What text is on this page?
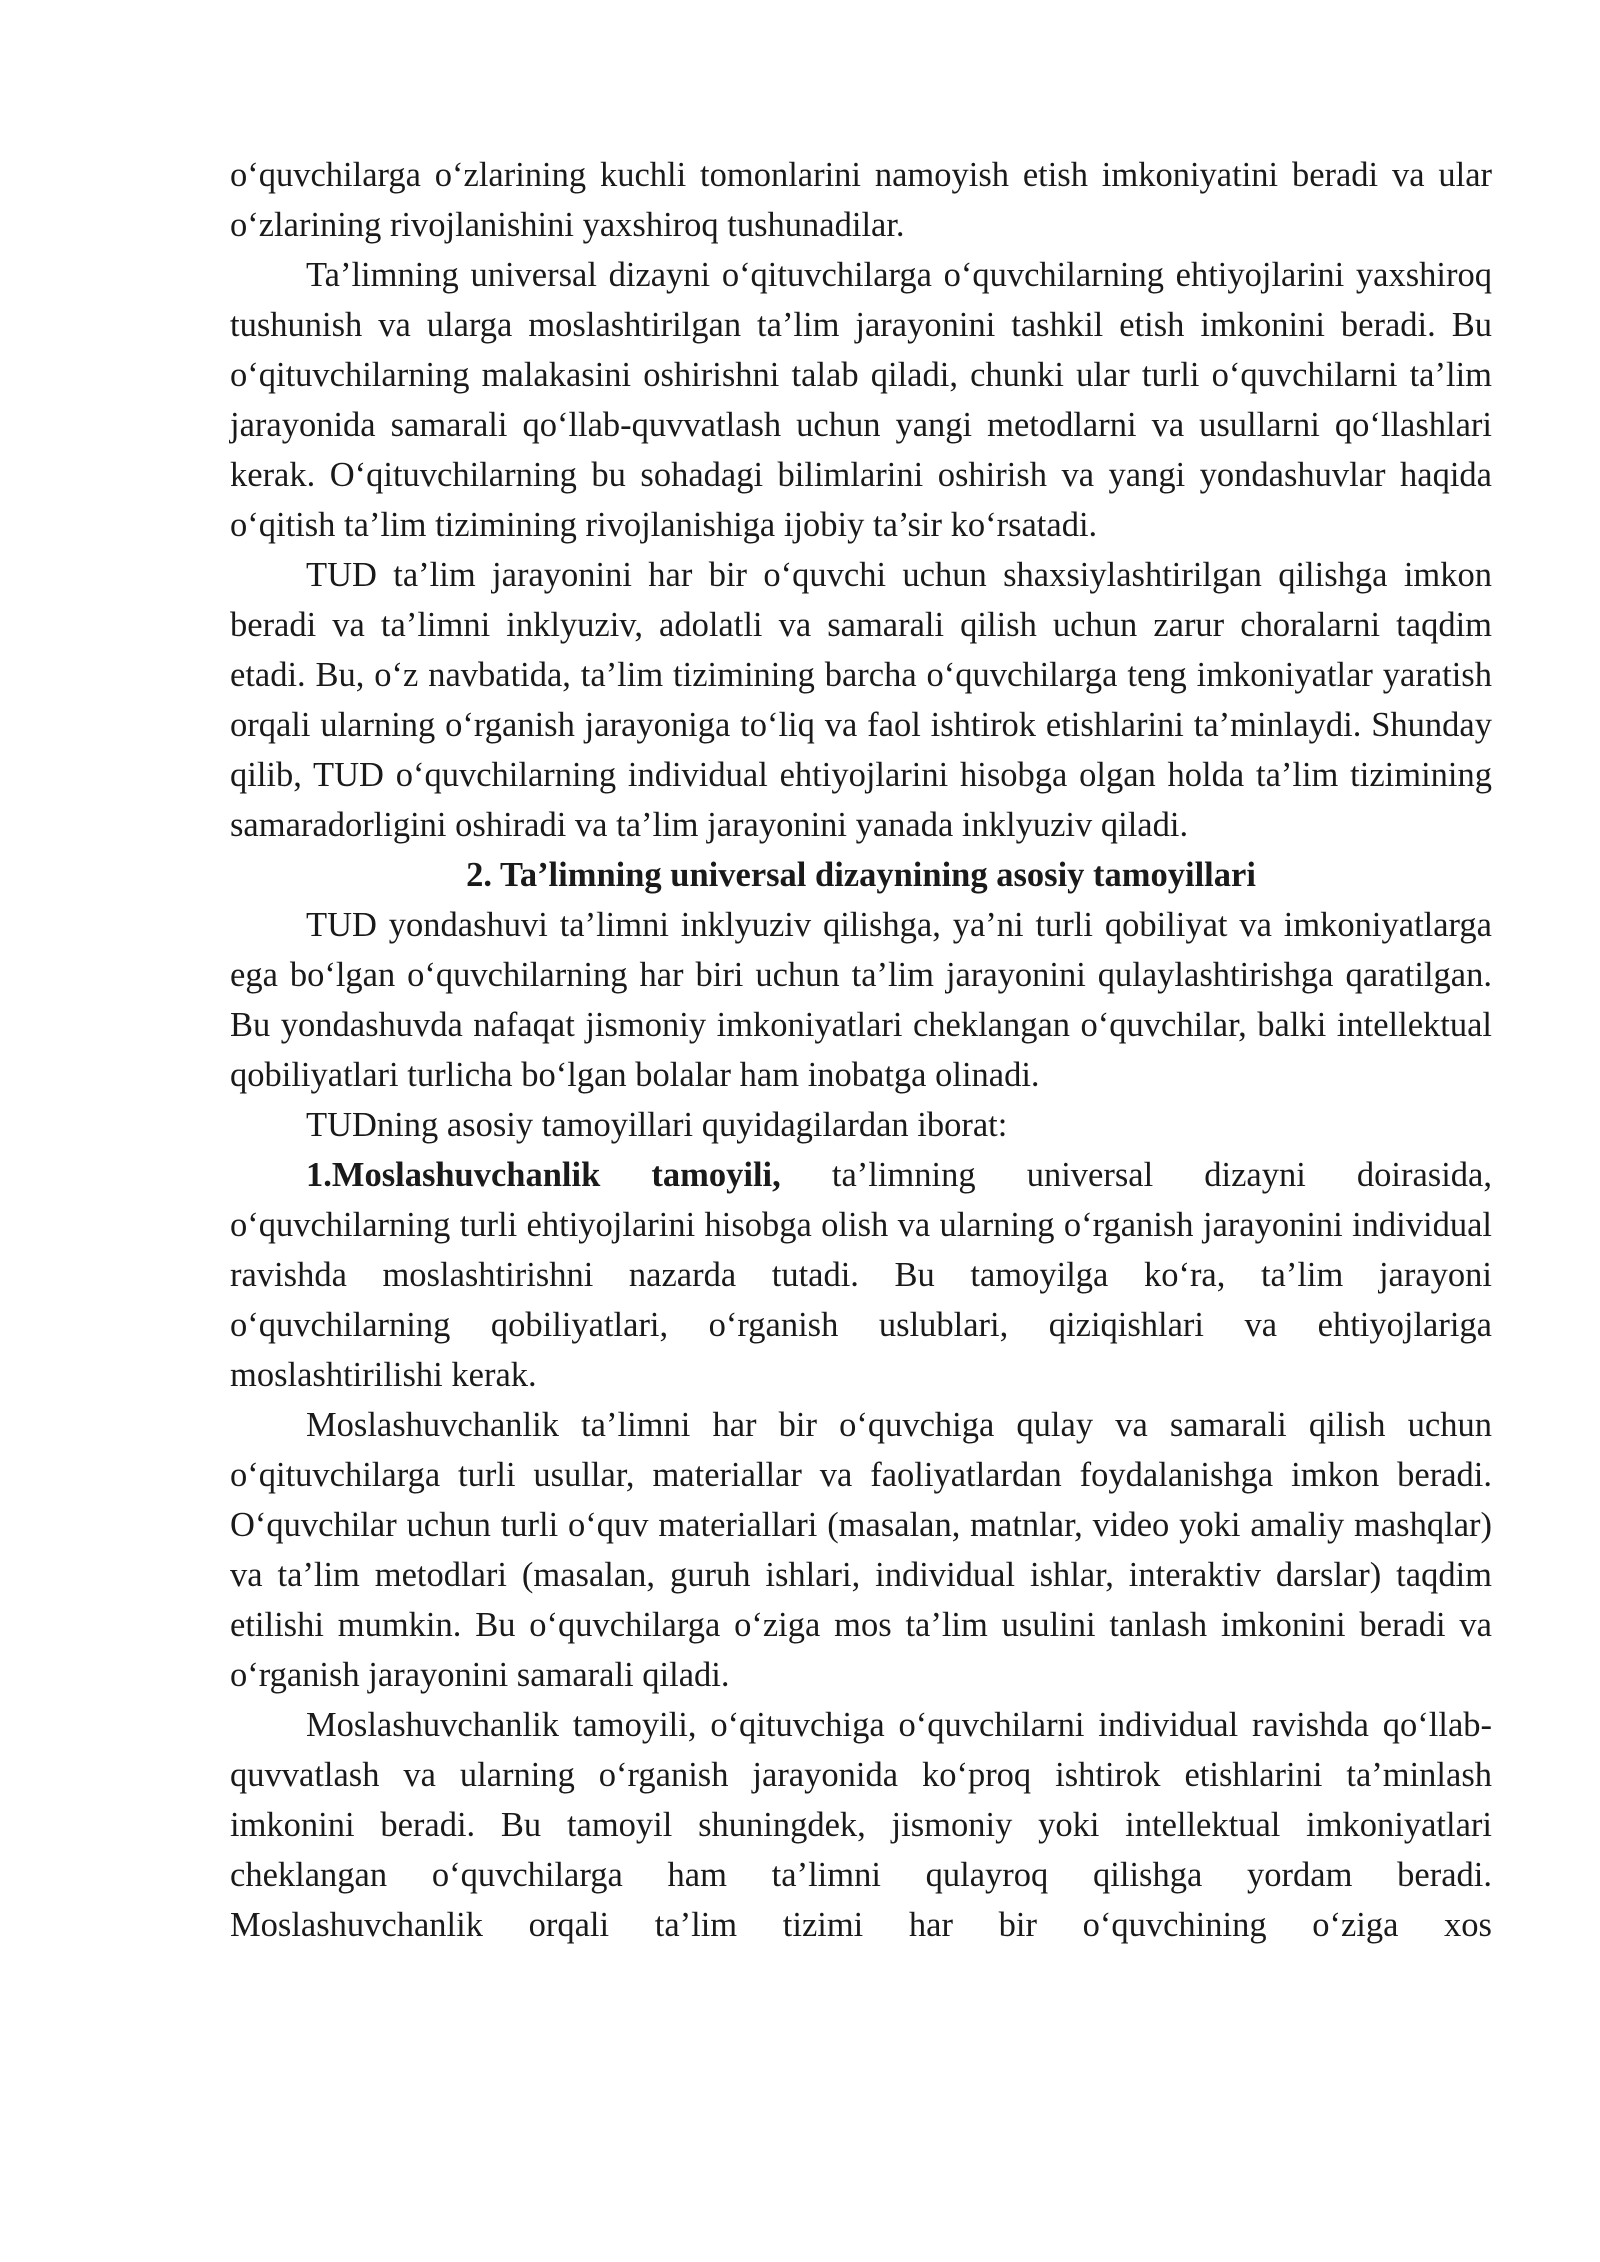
o‘quvchilarga o‘zlarining kuchli tomonlarini namoyish etish imkoniyatini beradi va ular o‘zlarining rivojlanishini yaxshiroq tushunadilar.

Ta’limning universal dizayni o‘qituvchilarga o‘quvchilarning ehtiyojlarini yaxshiroq tushunish va ularga moslashtirilgan ta’lim jarayonini tashkil etish imkonini beradi. Bu o‘qituvchilarning malakasini oshirishni talab qiladi, chunki ular turli o‘quvchilarni ta’lim jarayonida samarali qo‘llab-quvvatlash uchun yangi metodlarni va usullarni qo‘llashlari kerak. O‘qituvchilarning bu sohadagi bilimlarini oshirish va yangi yondashuvlar haqida o‘qitish ta’lim tizimining rivojlanishiga ijobiy ta’sir ko‘rsatadi.

TUD ta’lim jarayonini har bir o‘quvchi uchun shaxsiylashtirilgan qilishga imkon beradi va ta’limni inklyuziv, adolatli va samarali qilish uchun zarur choralarni taqdim etadi. Bu, o‘z navbatida, ta’lim tizimining barcha o‘quvchilarga teng imkoniyatlar yaratish orqali ularning o‘rganish jarayoniga to‘liq va faol ishtirok etishlarini ta’minlaydi. Shunday qilib, TUD o‘quvchilarning individual ehtiyojlarini hisobga olgan holda ta’lim tizimining samaradorligini oshiradi va ta’lim jarayonini yanada inklyuziv qiladi.

2. Ta’limning universal dizaynining asosiy tamoyillari

TUD yondashuvi ta’limni inklyuziv qilishga, ya’ni turli qobiliyat va imkoniyatlarga ega bo‘lgan o‘quvchilarning har biri uchun ta’lim jarayonini qulaylashtirishga qaratilgan. Bu yondashuvda nafaqat jismoniy imkoniyatlari cheklangan o‘quvchilar, balki intellektual qobiliyatlari turlicha bo‘lgan bolalar ham inobatga olinadi.

TUDning asosiy tamoyillari quyidagilardan iborat:

1.Moslashuvchanlik tamoyili, ta’limning universal dizayni doirasida, o‘quvchilarning turli ehtiyojlarini hisobga olish va ularning o‘rganish jarayonini individual ravishda moslashtirishni nazarda tutadi. Bu tamoyilga ko‘ra, ta’lim jarayoni o‘quvchilarning qobiliyatlari, o‘rganish uslublari, qiziqishlari va ehtiyojlariga moslashtirilishi kerak.

Moslashuvchanlik ta’limni har bir o‘quvchiga qulay va samarali qilish uchun o‘qituvchilarga turli usullar, materiallar va faoliyatlardan foydalanishga imkon beradi. O‘quvchilar uchun turli o‘quv materiallari (masalan, matnlar, video yoki amaliy mashqlar) va ta’lim metodlari (masalan, guruh ishlari, individual ishlar, interaktiv darslar) taqdim etilishi mumkin. Bu o‘quvchilarga o‘ziga mos ta’lim usulini tanlash imkonini beradi va o‘rganish jarayonini samarali qiladi.

Moslashuvchanlik tamoyili, o‘qituvchiga o‘quvchilarni individual ravishda qo‘llab-quvvatlash va ularning o‘rganish jarayonida ko‘proq ishtirok etishlarini ta’minlash imkonini beradi. Bu tamoyil shuningdek, jismoniy yoki intellektual imkoniyatlari cheklangan o‘quvchilarga ham ta’limni qulayroq qilishga yordam beradi. Moslashuvchanlik orqali ta’lim tizimi har bir o‘quvchining o‘ziga xos
